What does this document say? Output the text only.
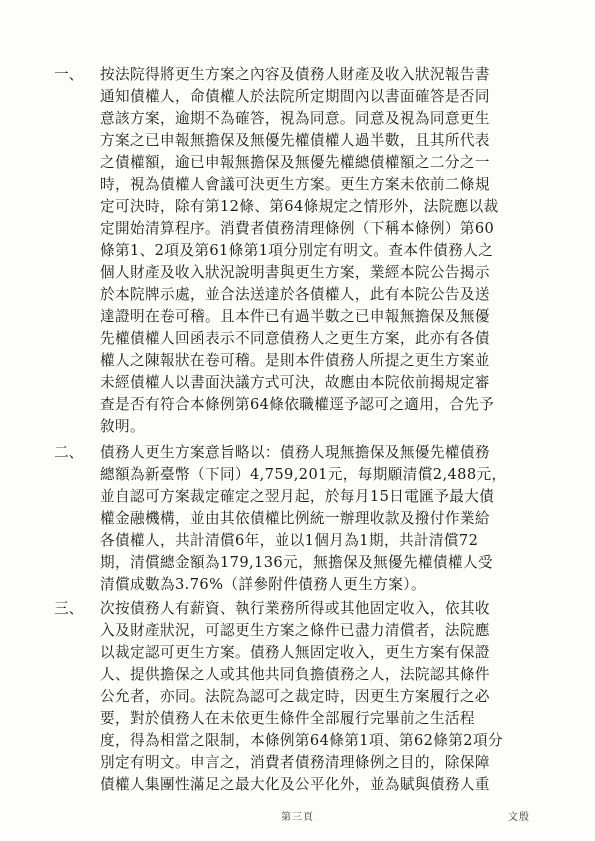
一、 按法院得將更生方案之內容及債務人財產及收入狀況報告書
通知債權人，命債權人於法院所定期間內以書面確答是否同
意該方案，逾期不為確答，視為同意。同意及視為同意更生
方案之已申報無擔保及無優先權債權人過半數，且其所代表
之債權額，逾已申報無擔保及無優先權總債權額之二分之一
時，視為債權人會議可決更生方案。更生方案未依前二條規
定可決時，除有第12條、第64條規定之情形外，法院應以裁
定開始清算程序。消費者債務清理條例（下稱本條例）第60
條第1、2項及第61條第1項分別定有明文。查本件債務人之
個人財產及收入狀況說明書與更生方案，業經本院公告揭示
於本院牌示處，並合法送達於各債權人，此有本院公告及送
達證明在卷可稽。且本件已有過半數之已申報無擔保及無優
先權債權人回函表示不同意債務人之更生方案，此亦有各債
權人之陳報狀在卷可稽。是則本件債務人所提之更生方案並
未經債權人以書面決議方式可決，故應由本院依前揭規定審
查是否有符合本條例第64條依職權逕予認可之適用，合先予
敘明。
二、 債務人更生方案意旨略以：債務人現無擔保及無優先權債務
總額為新臺幣（下同）4,759,201元，每期願清償2,488元，
並自認可方案裁定確定之翌月起，於每月15日電匯予最大債
權金融機構，並由其依債權比例統一辦理收款及撥付作業給
各債權人，共計清償6年，並以1個月為1期，共計清償72
期，清償總金額為179,136元，無擔保及無優先權債權人受
清償成數為3.76%（詳參附件債務人更生方案）。
三、 次按債務人有薪資、執行業務所得或其他固定收入，依其收
入及財產狀況，可認更生方案之條件已盡力清償者，法院應
以裁定認可更生方案。債務人無固定收入，更生方案有保證
人、提供擔保之人或其他共同負擔債務之人，法院認其條件
公允者，亦同。法院為認可之裁定時，因更生方案履行之必
要，對於債務人在未依更生條件全部履行完畢前之生活程
度，得為相當之限制，本條例第64條第1項、第62條第2項分
別定有明文。申言之，消費者債務清理條例之目的，除保障
債權人集團性滿足之最大化及公平化外，並為賦與債務人重
第三頁	文殷
